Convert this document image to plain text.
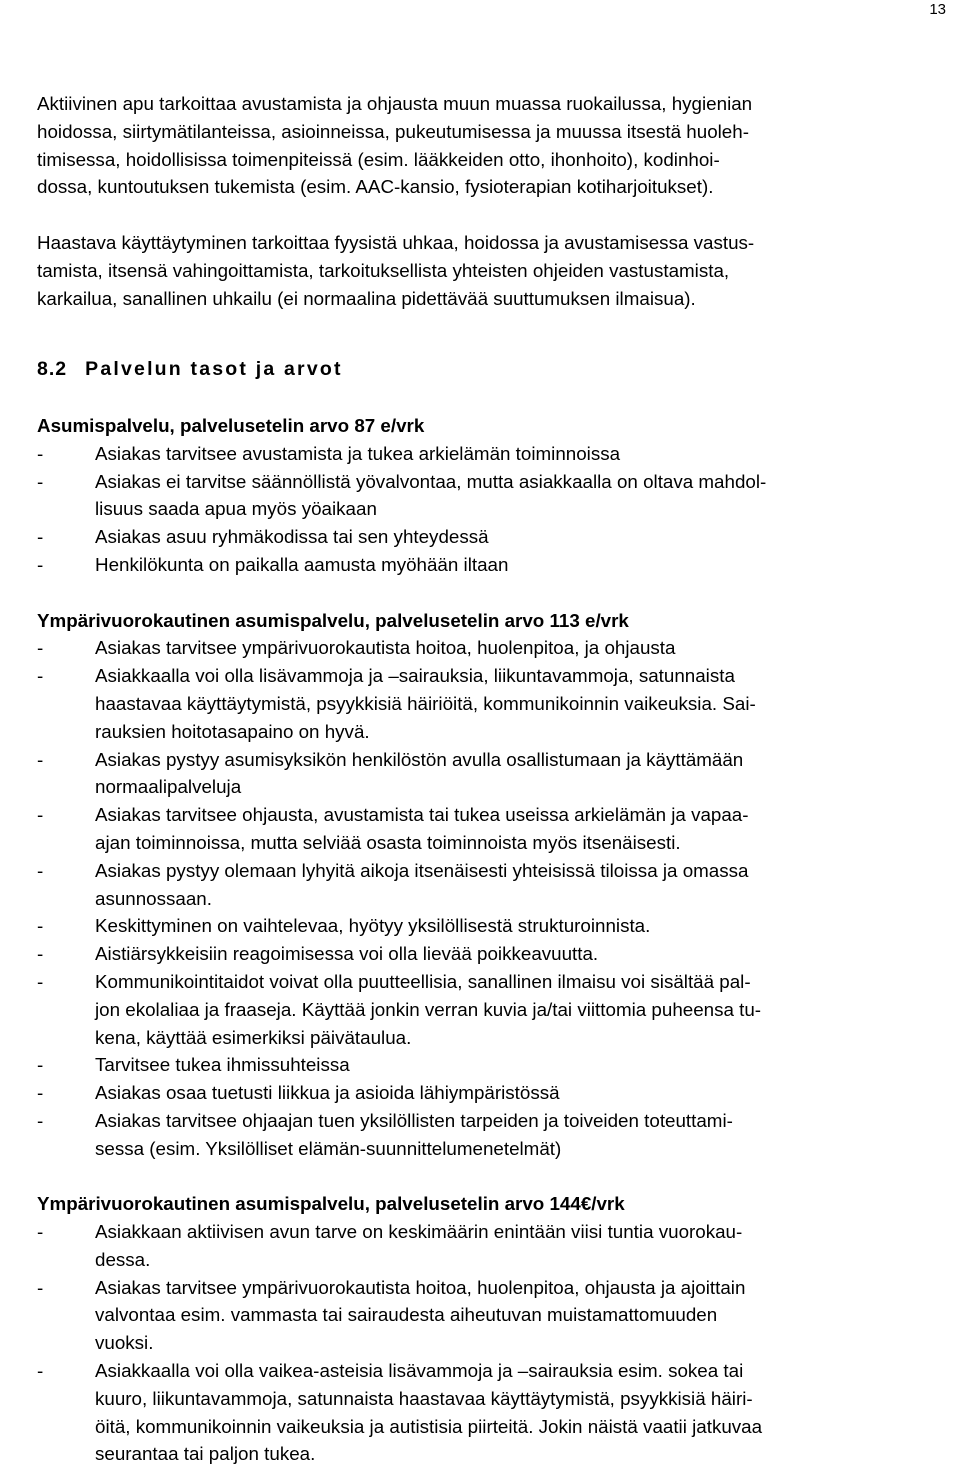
13

Aktiivinen apu tarkoittaa avustamista ja ohjausta muun muassa ruokailussa, hygienian
hoidossa, siirtymätilanteissa, asioinneissa, pukeutumisessa ja muussa itsestä huoleh-
timisessa, hoidollisissa toimenpiteissä (esim. lääkkeiden otto, ihonhoito), kodinhoi-
dossa, kuntoutuksen tukemista (esim. AAC-kansio, fysioterapian kotiharjoitukset).

Haastava käyttäytyminen tarkoittaa fyysistä uhkaa, hoidossa ja avustamisessa vastus-
tamista, itsensä vahingoittamista, tarkoituksellista yhteisten ohjeiden vastustamista,
karkailua, sanallinen uhkailu (ei normaalina pidettävää suuttumuksen ilmaisua).

8.2 Palvelun tasot ja arvot

Asumispalvelu, palvelusetelin arvo 87 e/vrk

-	Asiakas tarvitsee avustamista ja tukea arkielämän toiminnoissa
-	Asiakas ei tarvitse säännöllistä yövalvontaa, mutta asiakkaalla on oltava mahdol-
lisuus saada apua myös yöaikaan
-	Asiakas asuu ryhmäkodissa tai sen yhteydessä
-	Henkilökunta on paikalla aamusta myöhään iltaan

Ympärivuorokautinen asumispalvelu, palvelusetelin arvo 113 e/vrk

-	Asiakas tarvitsee ympärivuorokautista hoitoa, huolenpitoa, ja ohjausta
-	Asiakkaalla voi olla lisävammoja ja –sairauksia, liikuntavammoja, satunnaista
haastavaa käyttäytymistä, psyykkisiä häiriöitä, kommunikoinnin vaikeuksia. Sai-
rauksien hoitotasapaino on hyvä.
-	Asiakas pystyy asumisyksikön henkilöstön avulla osallistumaan ja käyttämään
normaalipalveluja
-	Asiakas tarvitsee ohjausta, avustamista tai tukea useissa arkielämän ja vapaa-
ajan toiminnoissa, mutta selviää osasta toiminnoista myös itsenäisesti.
-	Asiakas pystyy olemaan lyhyitä aikoja itsenäisesti yhteisissä tiloissa ja omassa
asunnossaan.
-	Keskittyminen on vaihtelevaa, hyötyy yksilöllisestä strukturoinnista.
-	Aistiärsykkeisiin reagoimisessa voi olla lievää poikkeavuutta.
-	Kommunikointitaidot voivat olla puutteellisia, sanallinen ilmaisu voi sisältää pal-
jon ekolaliaa ja fraaseja. Käyttää jonkin verran kuvia ja/tai viittomia puheensa tu-
kena, käyttää esimerkiksi päivätaulua.
-	Tarvitsee tukea ihmissuhteissa
-	Asiakas osaa tuetusti liikkua ja asioida lähiympäristössä
-	Asiakas tarvitsee ohjaajan tuen yksilöllisten tarpeiden ja toiveiden toteuttami-
sessa (esim. Yksilölliset elämän-suunnittelumenetelmät)

Ympärivuorokautinen asumispalvelu, palvelusetelin arvo 144€/vrk

-	Asiakkaan aktiivisen avun tarve on keskimäärin enintään viisi tuntia vuorokau-
dessa.
-	Asiakas tarvitsee ympärivuorokautista hoitoa, huolenpitoa, ohjausta ja ajoittain
valvontaa esim. vammasta tai sairaudesta aiheutuvan muistamattomuuden
vuoksi.
-	Asiakkaalla voi olla vaikea-asteisia lisävammoja ja –sairauksia esim. sokea tai
kuuro, liikuntavammoja, satunnaista haastavaa käyttäytymistä, psyykkisiä häiri-
öitä, kommunikoinnin vaikeuksia ja autistisia piirteitä. Jokin näistä vaatii jatkuvaa
seurantaa tai paljon tukea.
